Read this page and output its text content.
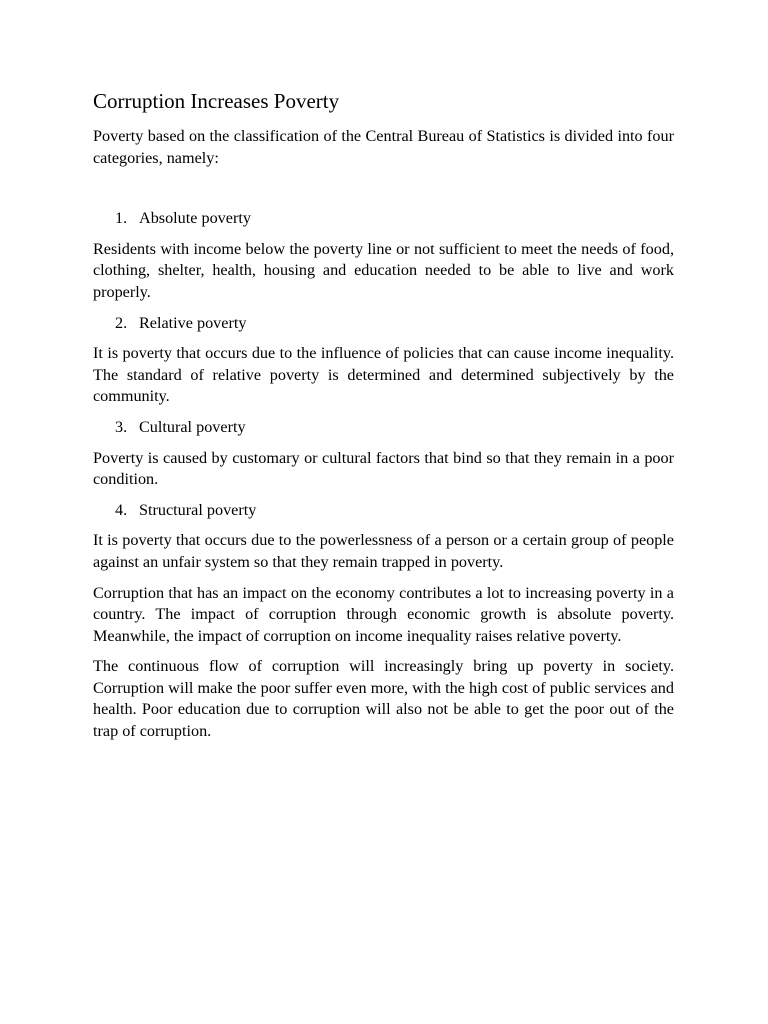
Corruption Increases Poverty

Poverty based on the classification of the Central Bureau of Statistics is divided into four categories, namely:

1. Absolute poverty

Residents with income below the poverty line or not sufficient to meet the needs of food, clothing, shelter, health, housing and education needed to be able to live and work properly.

2. Relative poverty

It is poverty that occurs due to the influence of policies that can cause income inequality. The standard of relative poverty is determined and determined subjectively by the community.

3. Cultural poverty

Poverty is caused by customary or cultural factors that bind so that they remain in a poor condition.

4. Structural poverty

It is poverty that occurs due to the powerlessness of a person or a certain group of people against an unfair system so that they remain trapped in poverty.

Corruption that has an impact on the economy contributes a lot to increasing poverty in a country. The impact of corruption through economic growth is absolute poverty. Meanwhile, the impact of corruption on income inequality raises relative poverty.

The continuous flow of corruption will increasingly bring up poverty in society. Corruption will make the poor suffer even more, with the high cost of public services and health. Poor education due to corruption will also not be able to get the poor out of the trap of corruption.
